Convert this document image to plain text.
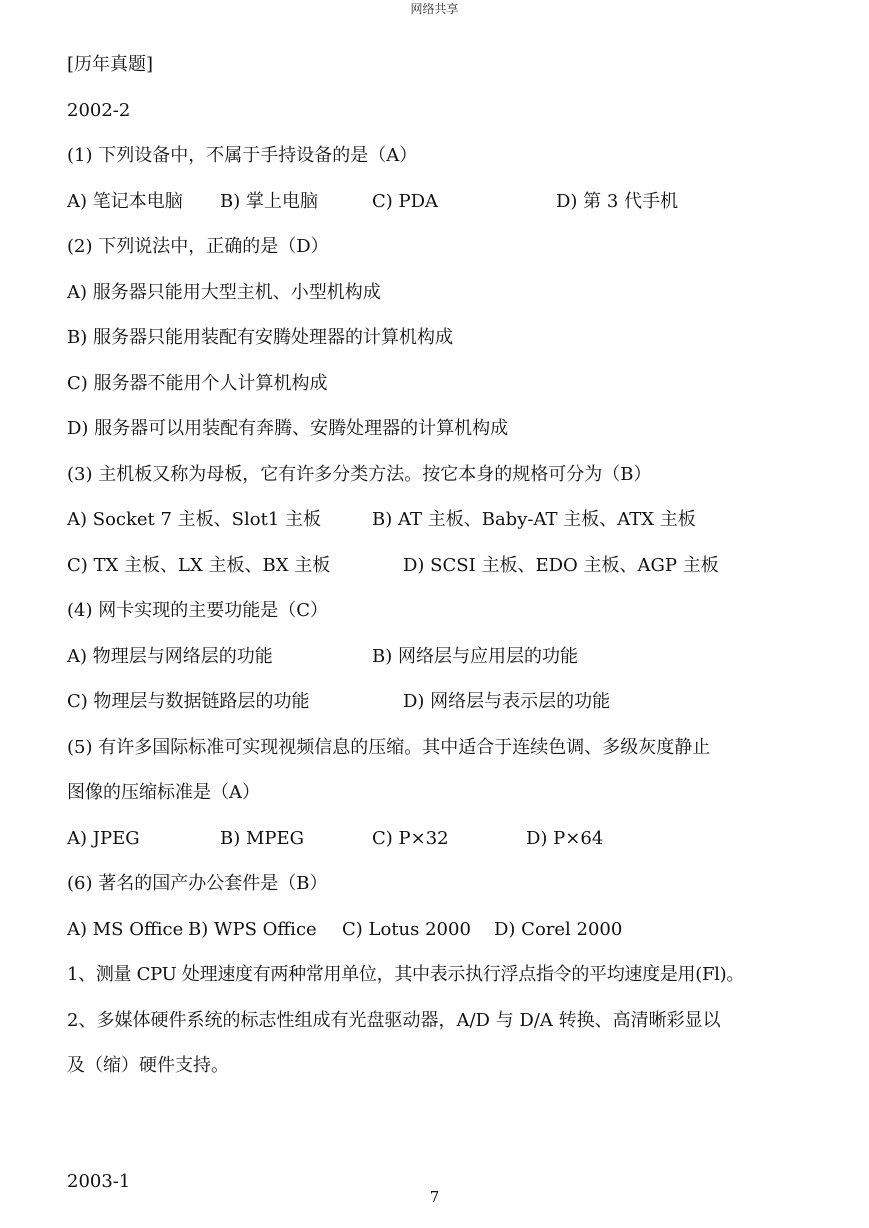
网络共享
[历年真题]
2002-2
(1) 下列设备中，不属于手持设备的是（A）
A) 笔记本电脑 B) 掌上电脑	C) PDA	D) 第 3 代手机
(2) 下列说法中，正确的是（D）
A) 服务器只能用大型主机、小型机构成
B) 服务器只能用装配有安腾处理器的计算机构成
C) 服务器不能用个人计算机构成
D) 服务器可以用装配有奔腾、安腾处理器的计算机构成
(3) 主机板又称为母板，它有许多分类方法。按它本身的规格可分为（B）
A) Socket 7 主板、Slot1 主板	B) AT 主板、Baby-AT 主板、ATX 主板
C) TX 主板、LX 主板、BX 主板	D) SCSI 主板、EDO 主板、AGP 主板
(4) 网卡实现的主要功能是（C）
A) 物理层与网络层的功能	B) 网络层与应用层的功能
C) 物理层与数据链路层的功能	D) 网络层与表示层的功能
(5) 有许多国际标准可实现视频信息的压缩。其中适合于连续色调、多级灰度静止
图像的压缩标准是（A）
A) JPEG	B) MPEG	C) P×32	D) P×64
(6) 著名的国产办公套件是（B）
A) MS Office B) WPS Office C) Lotus 2000 D) Corel 2000
1、测量 CPU 处理速度有两种常用单位，其中表示执行浮点指令的平均速度是用(Fl)。
2、多媒体硬件系统的标志性组成有光盘驱动器，A/D 与 D/A 转换、高清晰彩显以
及（缩）硬件支持。
2003-1
7
